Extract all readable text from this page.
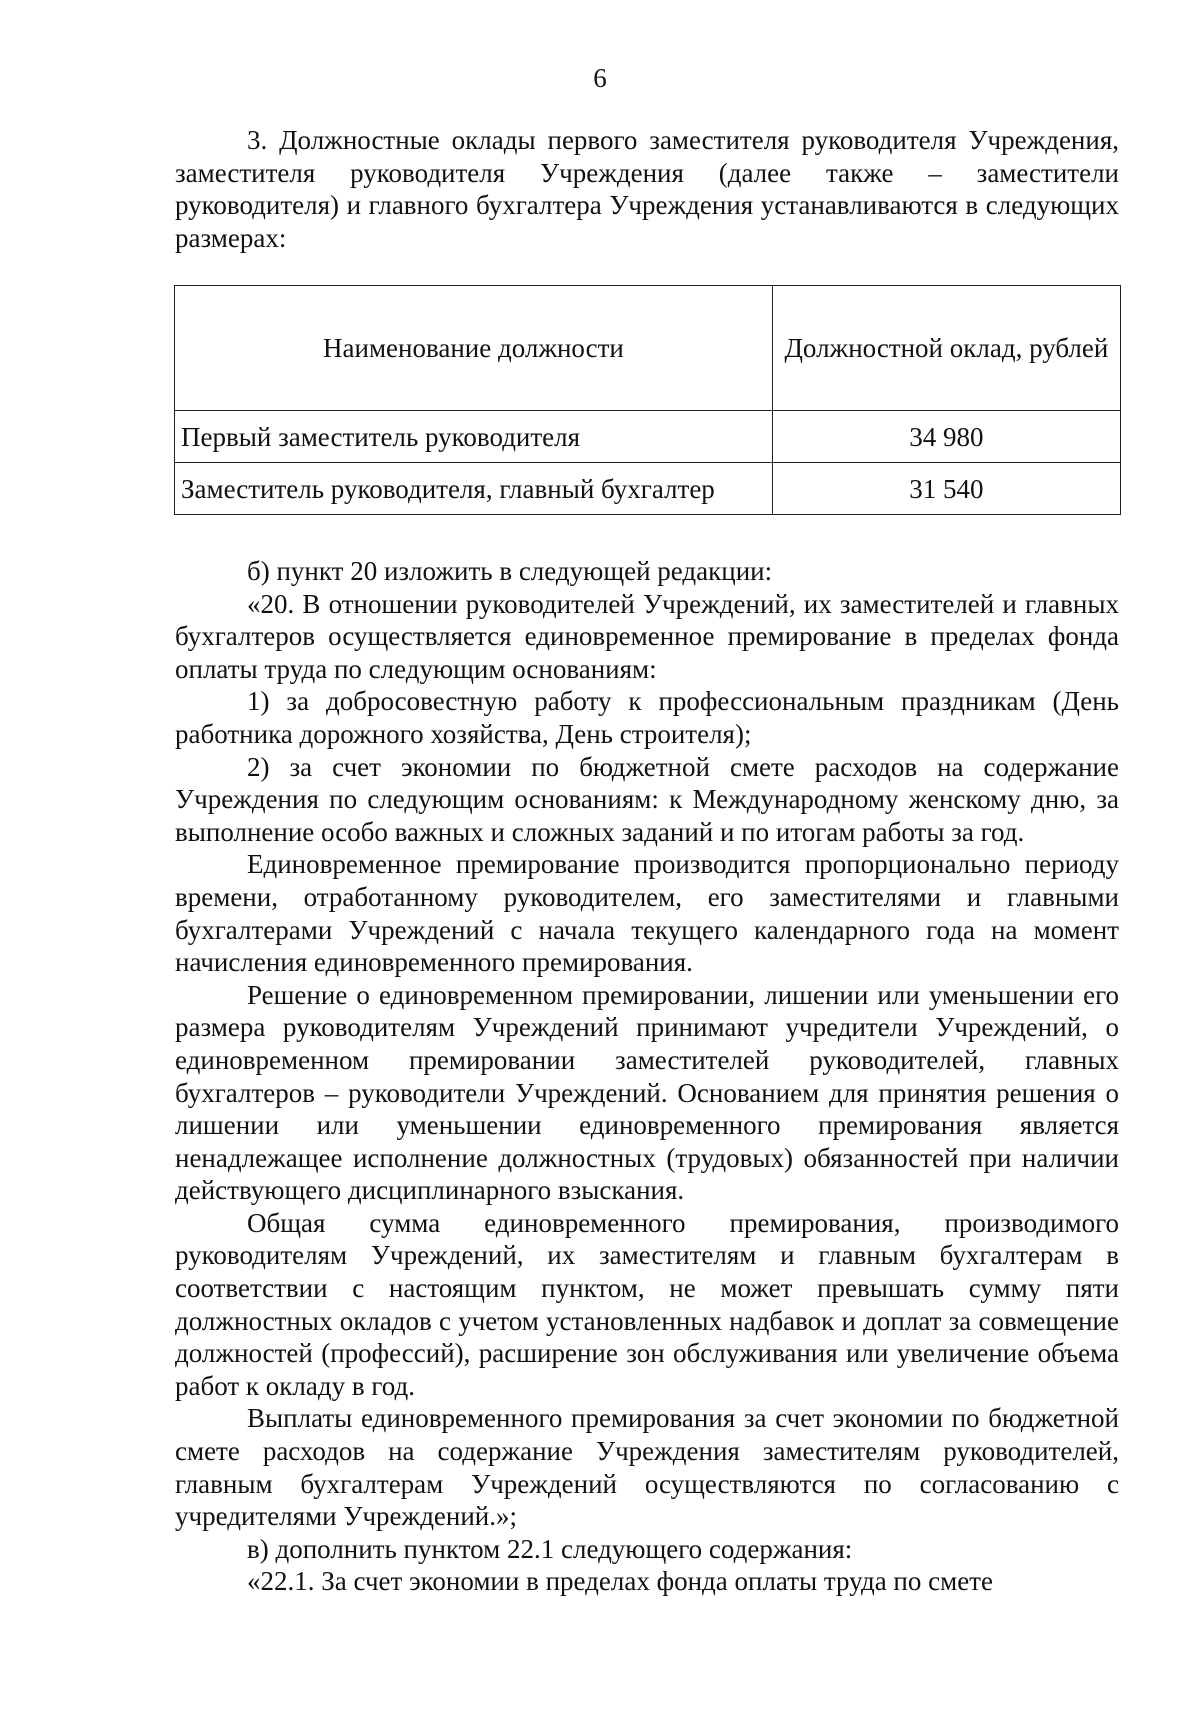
6

3. Должностные оклады первого заместителя руководителя Учреждения, заместителя руководителя Учреждения (далее также – заместители руководителя) и главного бухгалтера Учреждения устанавливаются в следующих размерах:

Наименование должности	Должностной оклад, рублей
Первый заместитель руководителя	34 980
Заместитель руководителя, главный бухгалтер	31 540

б) пункт 20 изложить в следующей редакции:

«20. В отношении руководителей Учреждений, их заместителей и главных бухгалтеров осуществляется единовременное премирование в пределах фонда оплаты труда по следующим основаниям:

1) за добросовестную работу к профессиональным праздникам (День работника дорожного хозяйства, День строителя);

2) за счет экономии по бюджетной смете расходов на содержание Учреждения по следующим основаниям: к Международному женскому дню, за выполнение особо важных и сложных заданий и по итогам работы за год.

Единовременное премирование производится пропорционально периоду времени, отработанному руководителем, его заместителями и главными бухгалтерами Учреждений с начала текущего календарного года на момент начисления единовременного премирования.

Решение о единовременном премировании, лишении или уменьшении его размера руководителям Учреждений принимают учредители Учреждений, о единовременном премировании заместителей руководителей, главных бухгалтеров – руководители Учреждений. Основанием для принятия решения о лишении или уменьшении единовременного премирования является ненадлежащее исполнение должностных (трудовых) обязанностей при наличии действующего дисциплинарного взыскания.

Общая сумма единовременного премирования, производимого руководителям Учреждений, их заместителям и главным бухгалтерам в соответствии с настоящим пунктом, не может превышать сумму пяти должностных окладов с учетом установленных надбавок и доплат за совмещение должностей (профессий), расширение зон обслуживания или увеличение объема работ к окладу в год.

Выплаты единовременного премирования за счет экономии по бюджетной смете расходов на содержание Учреждения заместителям руководителей, главным бухгалтерам Учреждений осуществляются по согласованию с учредителями Учреждений.»;

в) дополнить пунктом 22.1 следующего содержания:

«22.1. За счет экономии в пределах фонда оплаты труда по смете
